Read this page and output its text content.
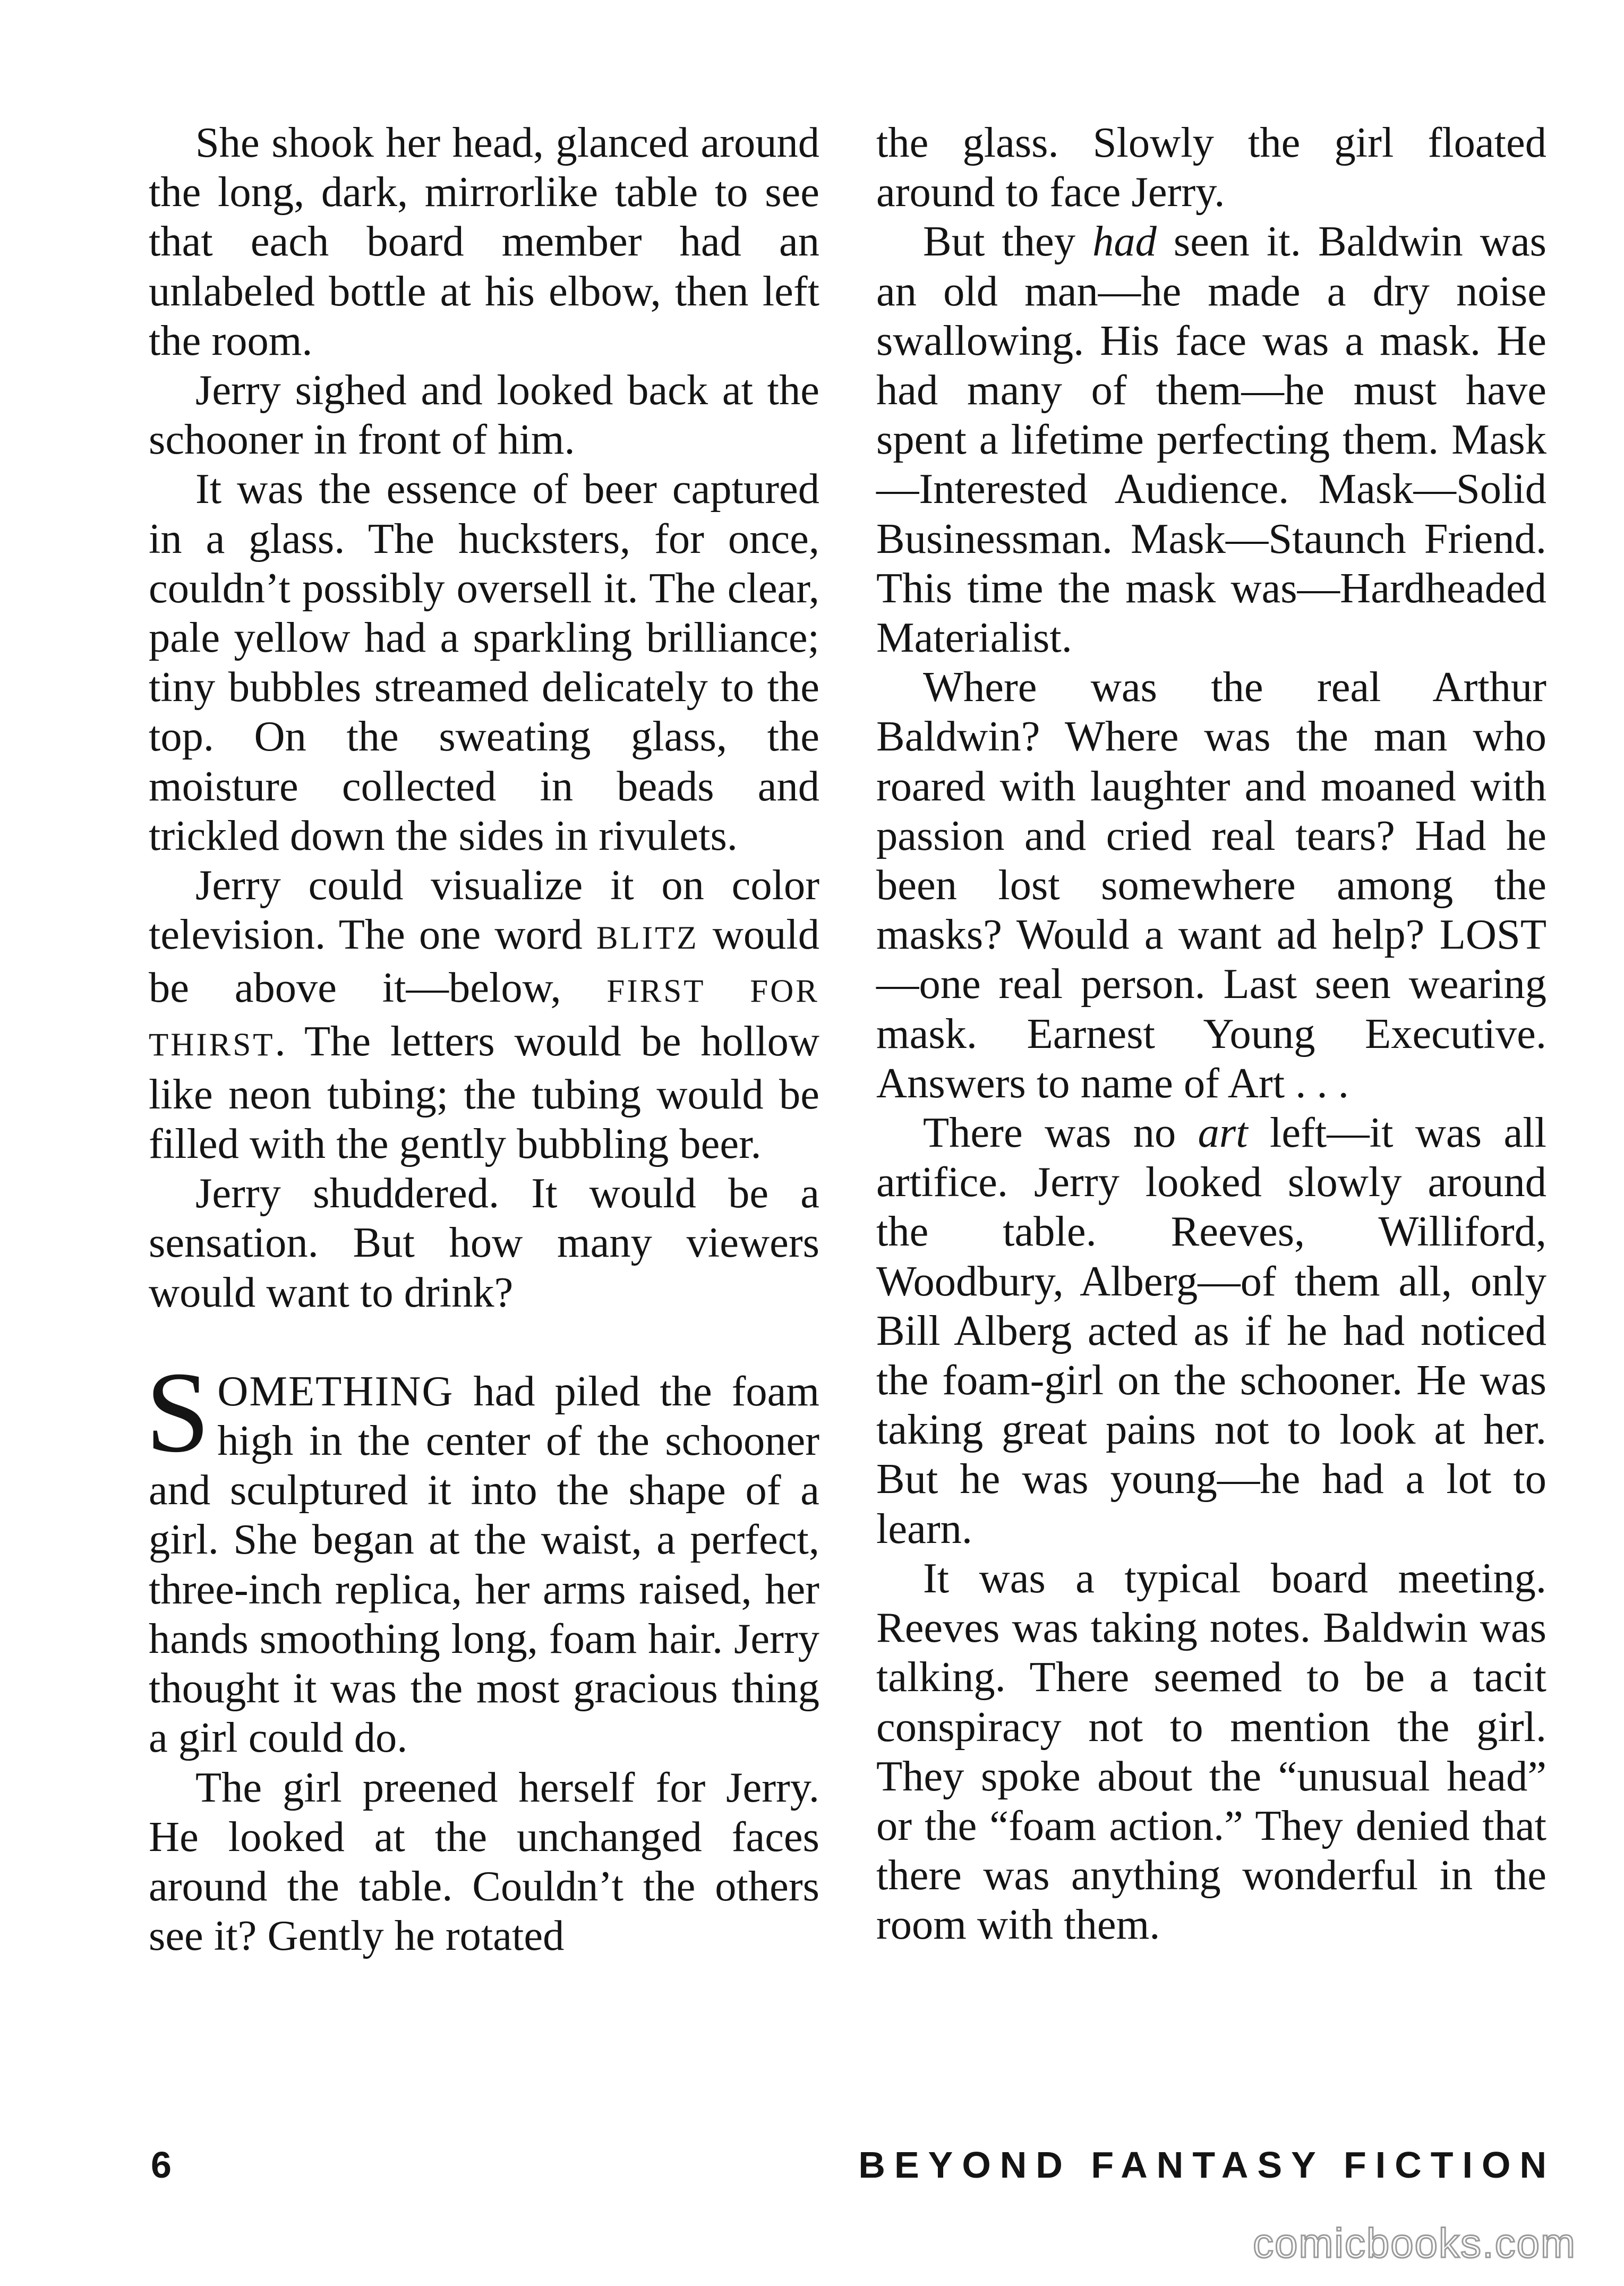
She shook her head, glanced around the long, dark, mirrorlike table to see that each board member had an unlabeled bottle at his elbow, then left the room.

Jerry sighed and looked back at the schooner in front of him.

It was the essence of beer captured in a glass. The hucksters, for once, couldn’t possibly oversell it. The clear, pale yellow had a sparkling brilliance; tiny bubbles streamed delicately to the top. On the sweating glass, the moisture collected in beads and trickled down the sides in rivulets.

Jerry could visualize it on color television. The one word BLITZ would be above it—below, FIRST FOR THIRST. The letters would be hollow like neon tubing; the tubing would be filled with the gently bubbling beer.

Jerry shuddered. It would be a sensation. But how many viewers would want to drink?

SOMETHING had piled the foam high in the center of the schooner and sculptured it into the shape of a girl. She began at the waist, a perfect, three-inch replica, her arms raised, her hands smoothing long, foam hair. Jerry thought it was the most gracious thing a girl could do.

The girl preened herself for Jerry. He looked at the unchanged faces around the table. Couldn’t the others see it? Gently he rotated

the glass. Slowly the girl floated around to face Jerry.

But they had seen it. Baldwin was an old man—he made a dry noise swallowing. His face was a mask. He had many of them—he must have spent a lifetime perfecting them. Mask—Interested Audience. Mask—Solid Businessman. Mask—Staunch Friend. This time the mask was—Hardheaded Materialist.

Where was the real Arthur Baldwin? Where was the man who roared with laughter and moaned with passion and cried real tears? Had he been lost somewhere among the masks? Would a want ad help? LOST—one real person. Last seen wearing mask. Earnest Young Executive. Answers to name of Art . . .

There was no art left—it was all artifice. Jerry looked slowly around the table. Reeves, Williford, Woodbury, Alberg—of them all, only Bill Alberg acted as if he had noticed the foam-girl on the schooner. He was taking great pains not to look at her. But he was young—he had a lot to learn.

It was a typical board meeting. Reeves was taking notes. Baldwin was talking. There seemed to be a tacit conspiracy not to mention the girl. They spoke about the “unusual head” or the “foam action.” They denied that there was anything wonderful in the room with them.

6	BEYOND FANTASY FICTION
comicbooks.com
